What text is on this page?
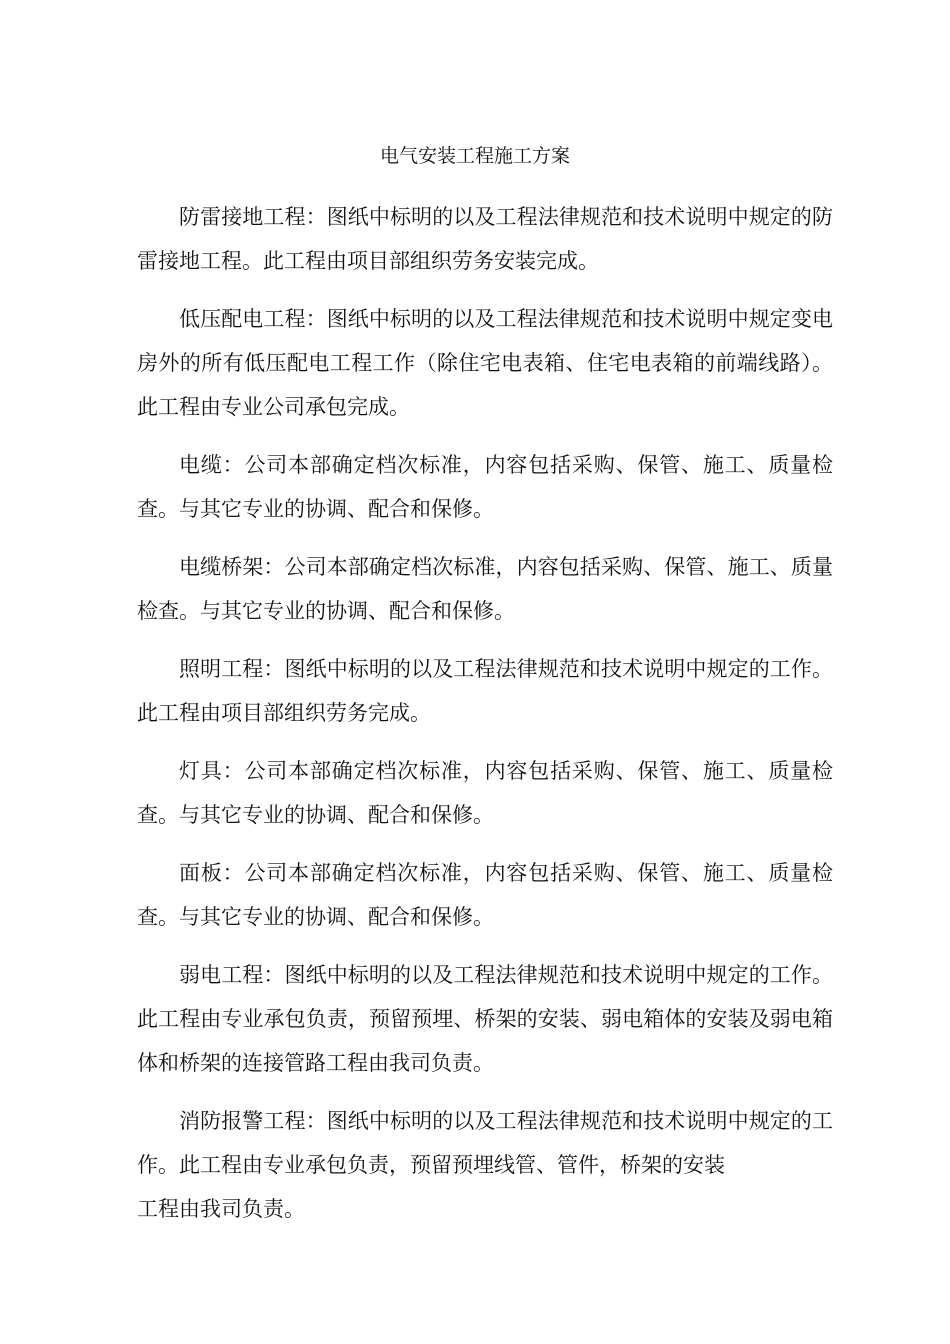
电气安装工程施工方案

防雷接地工程：图纸中标明的以及工程法律规范和技术说明中规定的防雷接地工程。此工程由项目部组织劳务安装完成。

低压配电工程：图纸中标明的以及工程法律规范和技术说明中规定变电房外的所有低压配电工程工作（除住宅电表箱、住宅电表箱的前端线路）。此工程由专业公司承包完成。

电缆：公司本部确定档次标准，内容包括采购、保管、施工、质量检查。与其它专业的协调、配合和保修。

电缆桥架：公司本部确定档次标准，内容包括采购、保管、施工、质量检查。与其它专业的协调、配合和保修。

照明工程：图纸中标明的以及工程法律规范和技术说明中规定的工作。此工程由项目部组织劳务完成。

灯具：公司本部确定档次标准，内容包括采购、保管、施工、质量检查。与其它专业的协调、配合和保修。

面板：公司本部确定档次标准，内容包括采购、保管、施工、质量检查。与其它专业的协调、配合和保修。

弱电工程：图纸中标明的以及工程法律规范和技术说明中规定的工作。此工程由专业承包负责，预留预埋、桥架的安装、弱电箱体的安装及弱电箱体和桥架的连接管路工程由我司负责。

消防报警工程：图纸中标明的以及工程法律规范和技术说明中规定的工作。此工程由专业承包负责，预留预埋线管、管件，桥架的安装
工程由我司负责。
